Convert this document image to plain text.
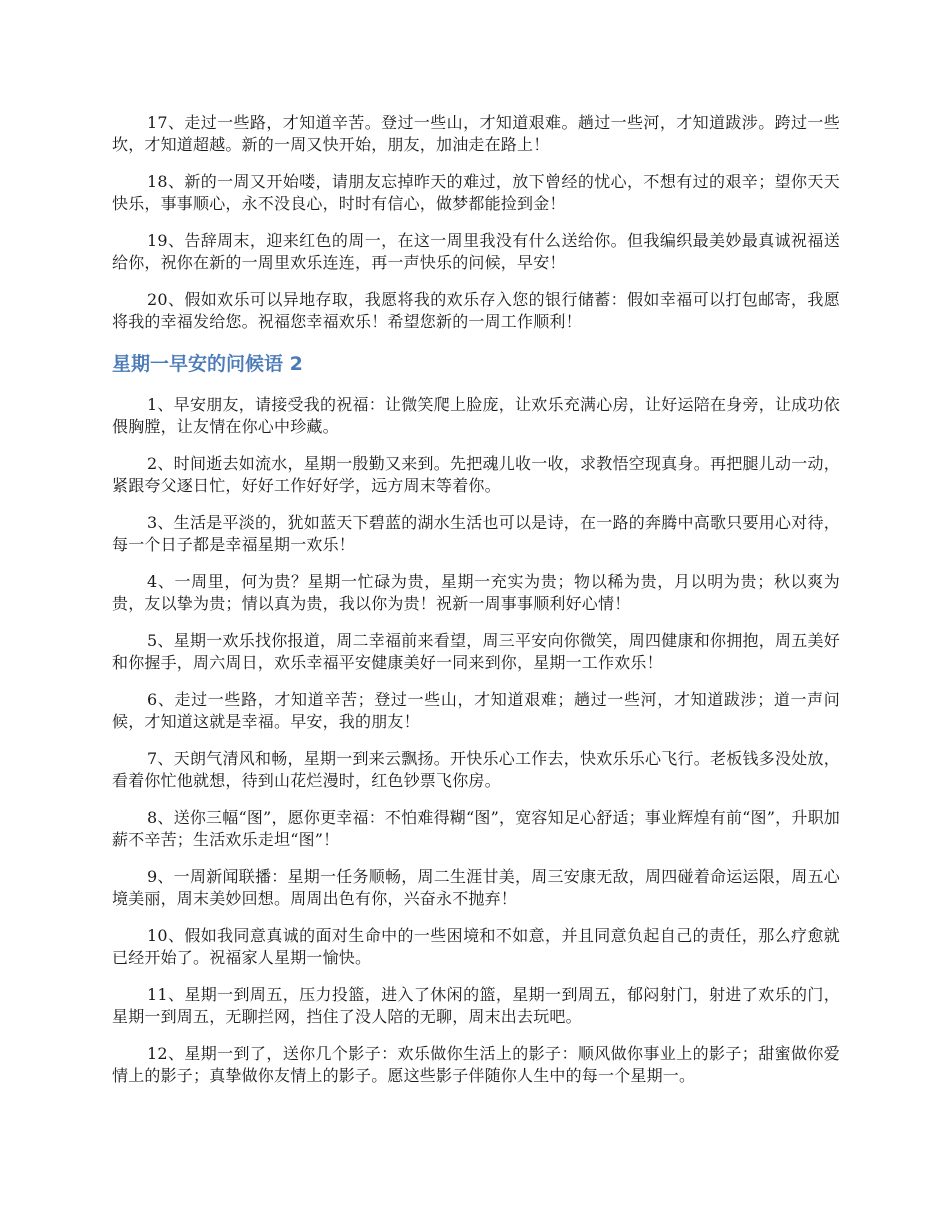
17、走过一些路，才知道辛苦。登过一些山，才知道艰难。趟过一些河，才知道跋涉。跨过一些坎，才知道超越。新的一周又快开始，朋友，加油走在路上！

18、新的一周又开始喽，请朋友忘掉昨天的难过，放下曾经的忧心，不想有过的艰辛；望你天天快乐，事事顺心，永不没良心，时时有信心，做梦都能捡到金！

19、告辞周末，迎来红色的周一，在这一周里我没有什么送给你。但我编织最美妙最真诚祝福送给你，祝你在新的一周里欢乐连连，再一声快乐的问候，早安！

20、假如欢乐可以异地存取，我愿将我的欢乐存入您的银行储蓄：假如幸福可以打包邮寄，我愿将我的幸福发给您。祝福您幸福欢乐！希望您新的一周工作顺利！

星期一早安的问候语 2

1、早安朋友，请接受我的祝福：让微笑爬上脸庞，让欢乐充满心房，让好运陪在身旁，让成功依偎胸膛，让友情在你心中珍藏。

2、时间逝去如流水，星期一殷勤又来到。先把魂儿收一收，求教悟空现真身。再把腿儿动一动，紧跟夸父逐日忙，好好工作好好学，远方周末等着你。

3、生活是平淡的，犹如蓝天下碧蓝的湖水生活也可以是诗，在一路的奔腾中高歌只要用心对待，每一个日子都是幸福星期一欢乐！

4、一周里，何为贵？星期一忙碌为贵，星期一充实为贵；物以稀为贵，月以明为贵；秋以爽为贵，友以挚为贵；情以真为贵，我以你为贵！祝新一周事事顺利好心情！

5、星期一欢乐找你报道，周二幸福前来看望，周三平安向你微笑，周四健康和你拥抱，周五美好和你握手，周六周日，欢乐幸福平安健康美好一同来到你，星期一工作欢乐！

6、走过一些路，才知道辛苦；登过一些山，才知道艰难；趟过一些河，才知道跋涉；道一声问候，才知道这就是幸福。早安，我的朋友！

7、天朗气清风和畅，星期一到来云飘扬。开快乐心工作去，快欢乐乐心飞行。老板钱多没处放，看着你忙他就想，待到山花烂漫时，红色钞票飞你房。

8、送你三幅“图”，愿你更幸福：不怕难得糊“图”，宽容知足心舒适；事业辉煌有前“图”，升职加薪不辛苦；生活欢乐走坦“图”！

9、一周新闻联播：星期一任务顺畅，周二生涯甘美，周三安康无敌，周四碰着命运运限，周五心境美丽，周末美妙回想。周周出色有你，兴奋永不抛弃！

10、假如我同意真诚的面对生命中的一些困境和不如意，并且同意负起自己的责任，那么疗愈就已经开始了。祝福家人星期一愉快。

11、星期一到周五，压力投篮，进入了休闲的篮，星期一到周五，郁闷射门，射进了欢乐的门，星期一到周五，无聊拦网，挡住了没人陪的无聊，周末出去玩吧。

12、星期一到了，送你几个影子：欢乐做你生活上的影子：顺风做你事业上的影子；甜蜜做你爱情上的影子；真挚做你友情上的影子。愿这些影子伴随你人生中的每一个星期一。
